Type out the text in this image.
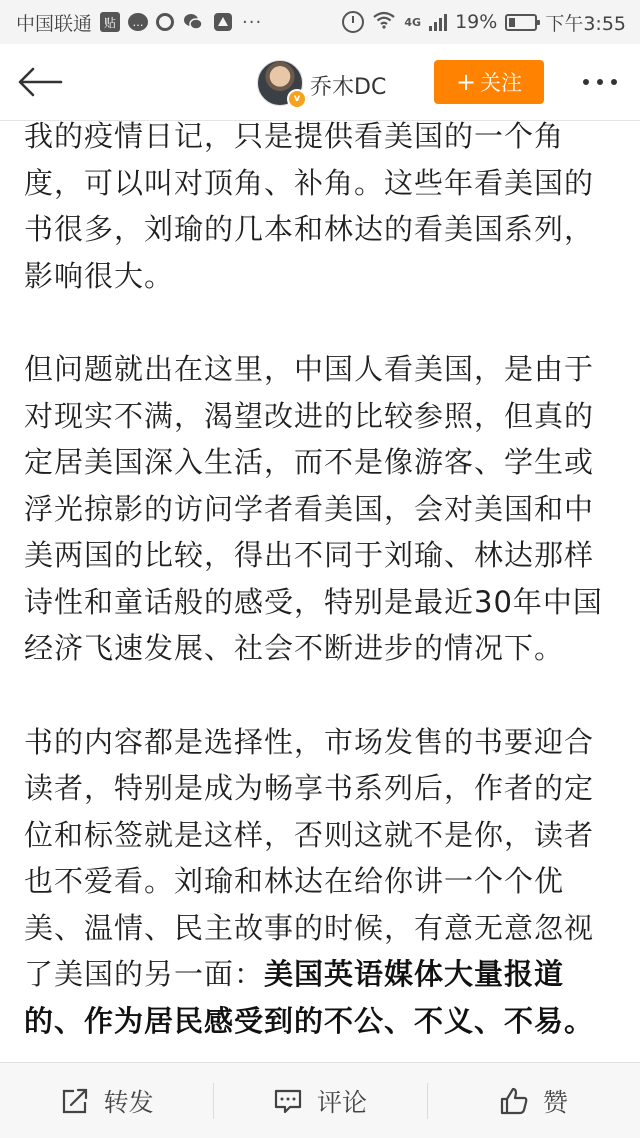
中国联通 贴	…	···	4G 19%	下午3:55
v 乔木DC	+ 关注

我的疫情日记，只是提供看美国的一个角度，可以叫对顶角、补角。这些年看美国的书很多，刘瑜的几本和林达的看美国系列，影响很大。

但问题就出在这里，中国人看美国，是由于对现实不满，渴望改进的比较参照，但真的定居美国深入生活，而不是像游客、学生或浮光掠影的访问学者看美国，会对美国和中美两国的比较，得出不同于刘瑜、林达那样诗性和童话般的感受，特别是最近30年中国经济飞速发展、社会不断进步的情况下。

书的内容都是选择性，市场发售的书要迎合读者，特别是成为畅享书系列后，作者的定位和标签就是这样，否则这就不是你，读者也不爱看。刘瑜和林达在给你讲一个个优美、温情、民主故事的时候，有意无意忽视了美国的另一面：美国英语媒体大量报道的、作为居民感受到的不公、不义、不易。

转发	评论	赞
